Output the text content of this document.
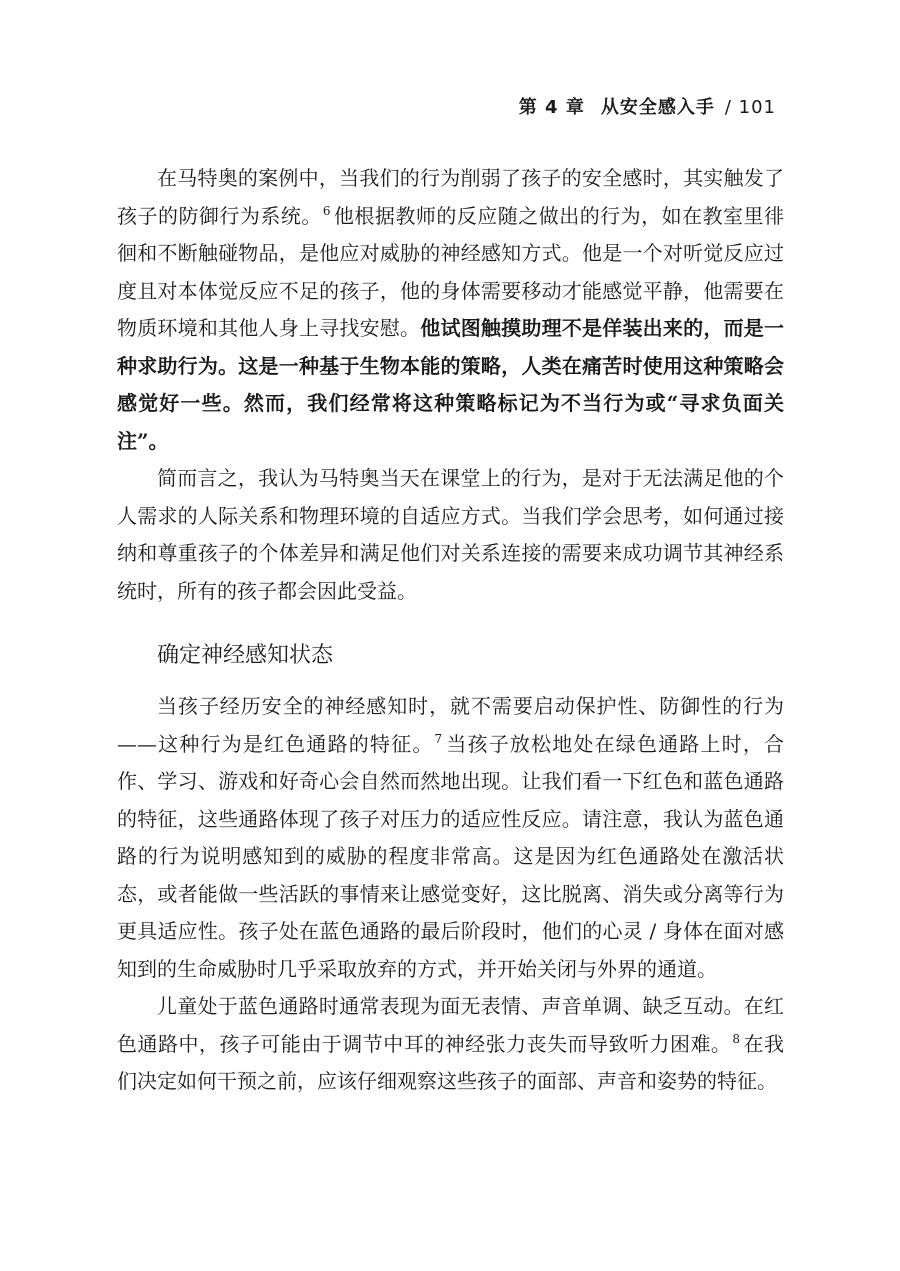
第 4 章 从安全感入手 / 101

在马特奥的案例中，当我们的行为削弱了孩子的安全感时，其实触发了孩子的防御行为系统。$^6$ 他根据教师的反应随之做出的行为，如在教室里徘徊和不断触碰物品，是他应对威胁的神经感知方式。他是一个对听觉反应过度且对本体觉反应不足的孩子，他的身体需要移动才能感觉平静，他需要在物质环境和其他人身上寻找安慰。他试图触摸助理不是佯装出来的，而是一种求助行为。这是一种基于生物本能的策略，人类在痛苦时使用这种策略会感觉好一些。然而，我们经常将这种策略标记为不当行为或“寻求负面关注”。

简而言之，我认为马特奥当天在课堂上的行为，是对于无法满足他的个人需求的人际关系和物理环境的自适应方式。当我们学会思考，如何通过接纳和尊重孩子的个体差异和满足他们对关系连接的需要来成功调节其神经系统时，所有的孩子都会因此受益。

确定神经感知状态

当孩子经历安全的神经感知时，就不需要启动保护性、防御性的行为——这种行为是红色通路的特征。$^7$ 当孩子放松地处在绿色通路上时，合作、学习、游戏和好奇心会自然而然地出现。让我们看一下红色和蓝色通路的特征，这些通路体现了孩子对压力的适应性反应。请注意，我认为蓝色通路的行为说明感知到的威胁的程度非常高。这是因为红色通路处在激活状态，或者能做一些活跃的事情来让感觉变好，这比脱离、消失或分离等行为更具适应性。孩子处在蓝色通路的最后阶段时，他们的心灵 / 身体在面对感知到的生命威胁时几乎采取放弃的方式，并开始关闭与外界的通道。

儿童处于蓝色通路时通常表现为面无表情、声音单调、缺乏互动。在红色通路中，孩子可能由于调节中耳的神经张力丧失而导致听力困难。$^8$ 在我们决定如何干预之前，应该仔细观察这些孩子的面部、声音和姿势的特征。
